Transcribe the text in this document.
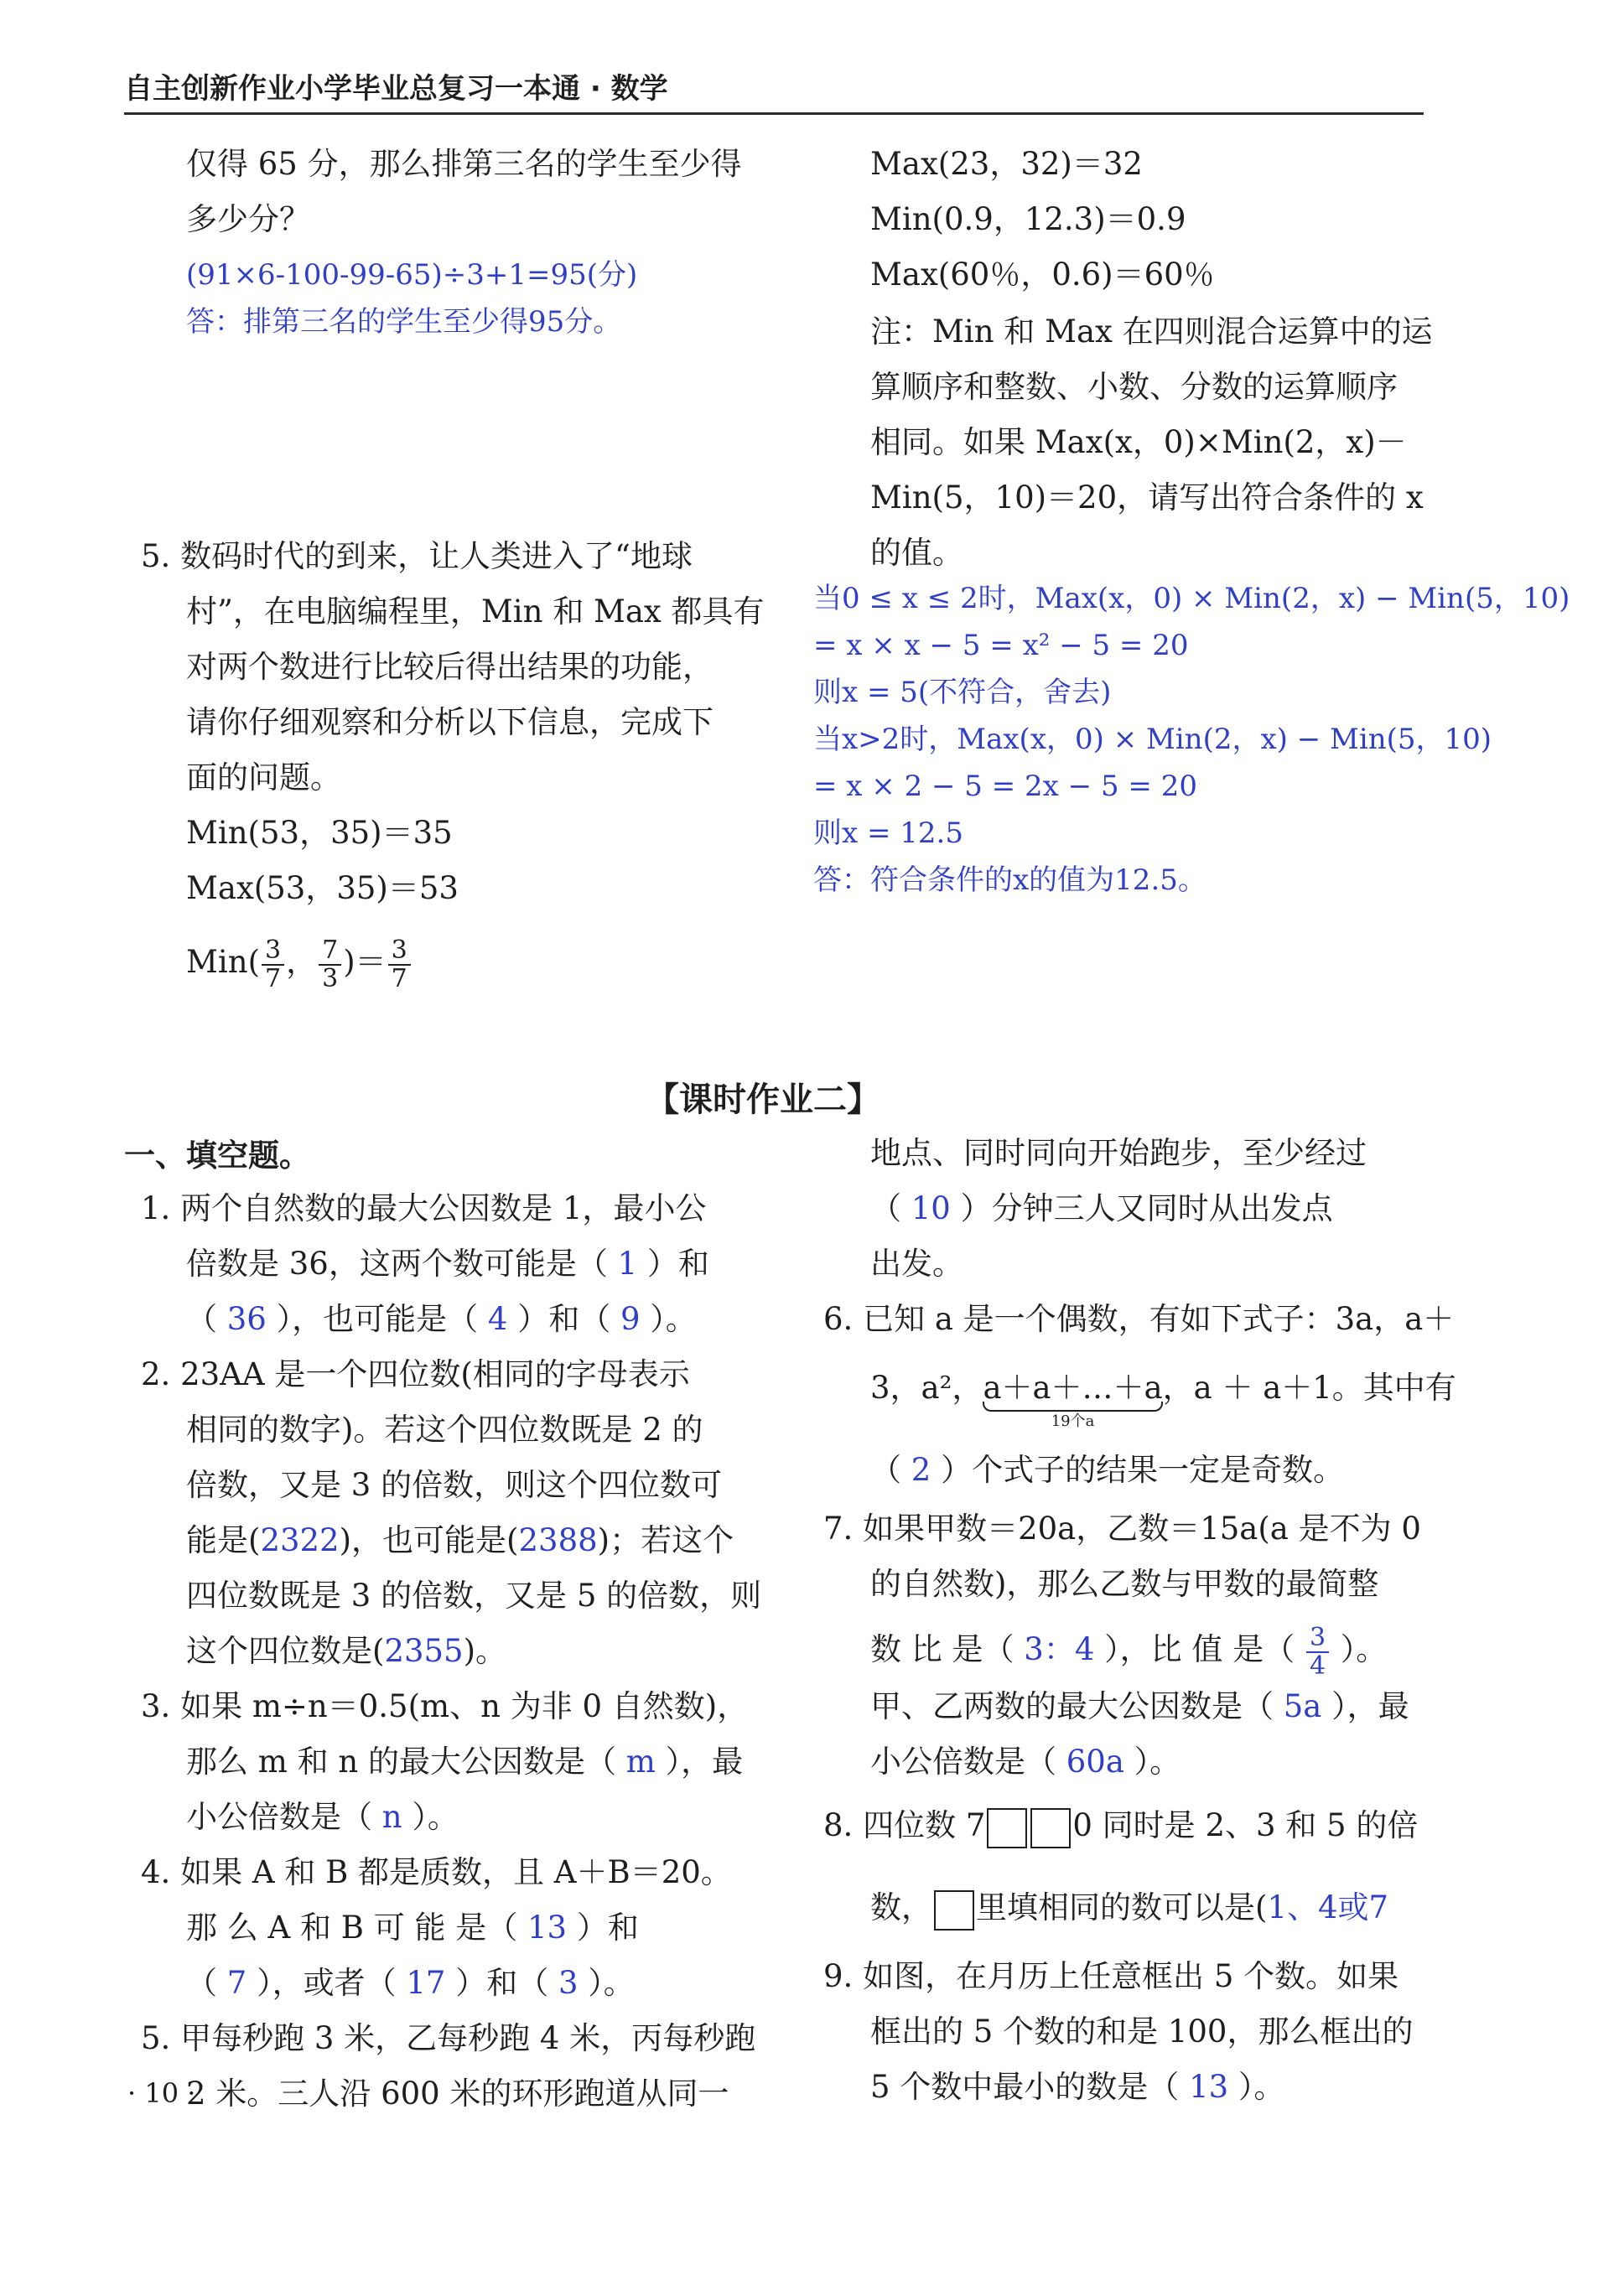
自主创新作业小学毕业总复习一本通 · 数学
仅得 65 分，那么排第三名的学生至少得
多少分？
(91×6-100-99-65)÷3+1=95(分)
答：排第三名的学生至少得95分。
5. 数码时代的到来，让人类进入了“地球
村”，在电脑编程里，Min 和 Max 都具有
对两个数进行比较后得出结果的功能，
请你仔细观察和分析以下信息，完成下
面的问题。
Min(53，35)＝35
Max(53，35)＝53
$Min( \frac{3}{7}$ ， $\frac{7}{3}$ )＝ $\frac{3}{7}$
Max(23，32)＝32
Min(0.9，12.3)＝0.9
Max(60％，0.6)＝60％
注：Min 和 Max 在四则混合运算中的运
算顺序和整数、小数、分数的运算顺序
相同。如果 Max(x，0)×Min(2，x)－
Min(5，10)＝20，请写出符合条件的 x
的值。
当0 ≤ x ≤ 2时，Max(x，0) × Min(2，x) − Min(5，10)
= x × x − 5 = x² − 5 = 20
则x = 5(不符合，舍去)
当x>2时，Max(x，0) × Min(2，x) − Min(5，10)
= x × 2 − 5 = 2x − 5 = 20
则x = 12.5
答：符合条件的x的值为12.5。
【课时作业二】
一、填空题。
1. 两个自然数的最大公因数是 1，最小公
倍数是 36，这两个数可能是（ 1 ）和
（ 36 ），也可能是（ 4 ）和（ 9 ）。
2. 23AA 是一个四位数(相同的字母表示
相同的数字)。若这个四位数既是 2 的
倍数，又是 3 的倍数，则这个四位数可
能是(2322)，也可能是(2388)；若这个
四位数既是 3 的倍数，又是 5 的倍数，则
这个四位数是(2355)。
3. 如果 m÷n＝0.5(m、n 为非 0 自然数)，
那么 m 和 n 的最大公因数是（ m ），最
小公倍数是（ n ）。
4. 如果 A 和 B 都是质数，且 A＋B＝20。
那 么 A 和 B 可 能 是（ 13 ）和
（ 7 ），或者（ 17 ）和（ 3 ）。
5. 甲每秒跑 3 米，乙每秒跑 4 米，丙每秒跑
2 米。三人沿 600 米的环形跑道从同一
地点、同时同向开始跑步，至少经过
（ 10 ）分钟三人又同时从出发点
出发。
6. 已知 a 是一个偶数，有如下式子：3a，a＋
3，a²，a＋a＋…＋a
19个a
，a ＋ a＋1。其中有
（ 2 ）个式子的结果一定是奇数。
7. 如果甲数＝20a，乙数＝15a(a 是不为 0
的自然数)，那么乙数与甲数的最简整
数 比 是（ 3：4 ），比 值 是（ $\frac{3}{4}$ ）。
甲、乙两数的最大公因数是（ 5a ），最
小公倍数是（ 60a ）。
8. 四位数 7	0 同时是 2、3 和 5 的倍
数， 里填相同的数可以是(1、4或7
9. 如图，在月历上任意框出 5 个数。如果
框出的 5 个数的和是 100，那么框出的
5 个数中最小的数是（ 13 ）。
· 10 ·
